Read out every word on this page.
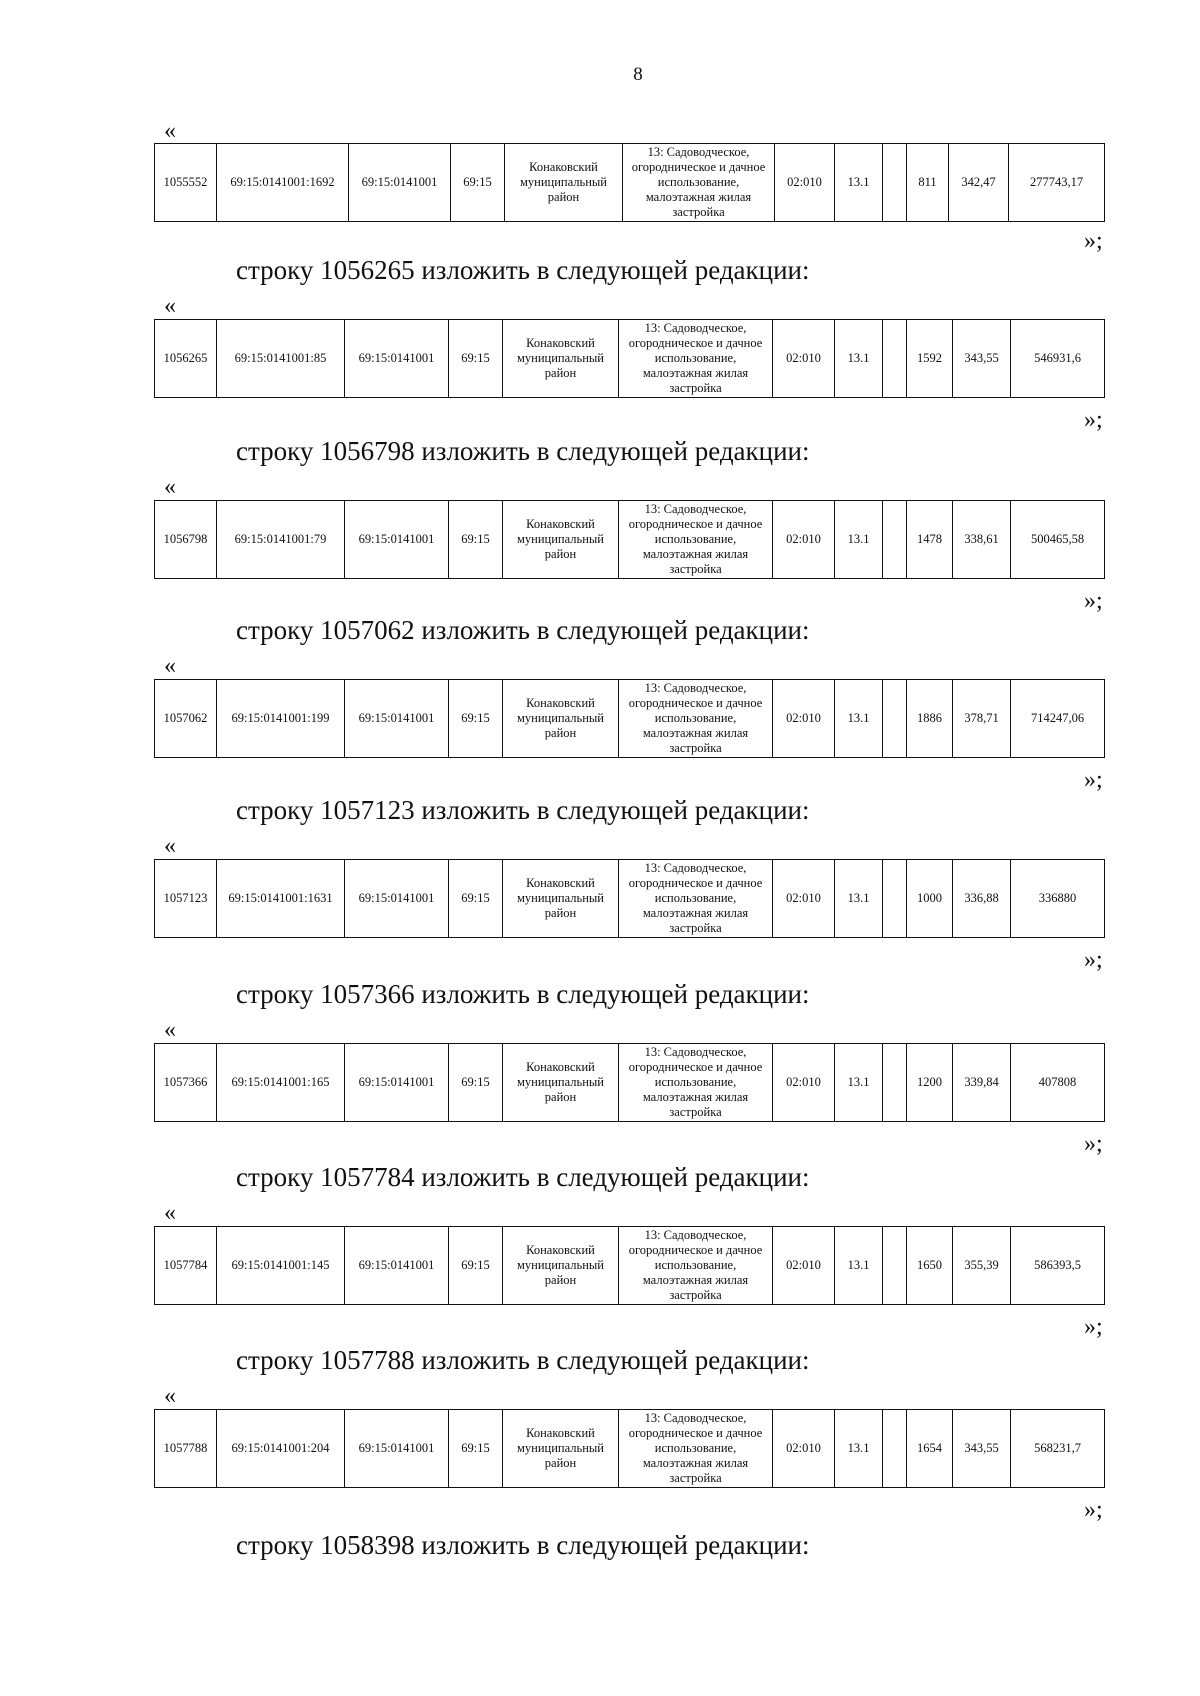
8
«
1055552	69:15:0141001:1692	69:15:0141001	69:15	Конаковский муниципальный район	13: Садоводческое, огородническое и дачное использование, малоэтажная жилая застройка	02:010	13.1		811	342,47	277743,17
»;
строку 1056265 изложить в следующей редакции:
«
1056265	69:15:0141001:85	69:15:0141001	69:15	Конаковский муниципальный район	13: Садоводческое, огородническое и дачное использование, малоэтажная жилая застройка	02:010	13.1		1592	343,55	546931,6
»;
строку 1056798 изложить в следующей редакции:
«
1056798	69:15:0141001:79	69:15:0141001	69:15	Конаковский муниципальный район	13: Садоводческое, огородническое и дачное использование, малоэтажная жилая застройка	02:010	13.1		1478	338,61	500465,58
»;
строку 1057062 изложить в следующей редакции:
«
1057062	69:15:0141001:199	69:15:0141001	69:15	Конаковский муниципальный район	13: Садоводческое, огородническое и дачное использование, малоэтажная жилая застройка	02:010	13.1		1886	378,71	714247,06
»;
строку 1057123 изложить в следующей редакции:
«
1057123	69:15:0141001:1631	69:15:0141001	69:15	Конаковский муниципальный район	13: Садоводческое, огородническое и дачное использование, малоэтажная жилая застройка	02:010	13.1		1000	336,88	336880
»;
строку 1057366 изложить в следующей редакции:
«
1057366	69:15:0141001:165	69:15:0141001	69:15	Конаковский муниципальный район	13: Садоводческое, огородническое и дачное использование, малоэтажная жилая застройка	02:010	13.1		1200	339,84	407808
»;
строку 1057784 изложить в следующей редакции:
«
1057784	69:15:0141001:145	69:15:0141001	69:15	Конаковский муниципальный район	13: Садоводческое, огородническое и дачное использование, малоэтажная жилая застройка	02:010	13.1		1650	355,39	586393,5
»;
строку 1057788 изложить в следующей редакции:
«
1057788	69:15:0141001:204	69:15:0141001	69:15	Конаковский муниципальный район	13: Садоводческое, огородническое и дачное использование, малоэтажная жилая застройка	02:010	13.1		1654	343,55	568231,7
»;
строку 1058398 изложить в следующей редакции:
